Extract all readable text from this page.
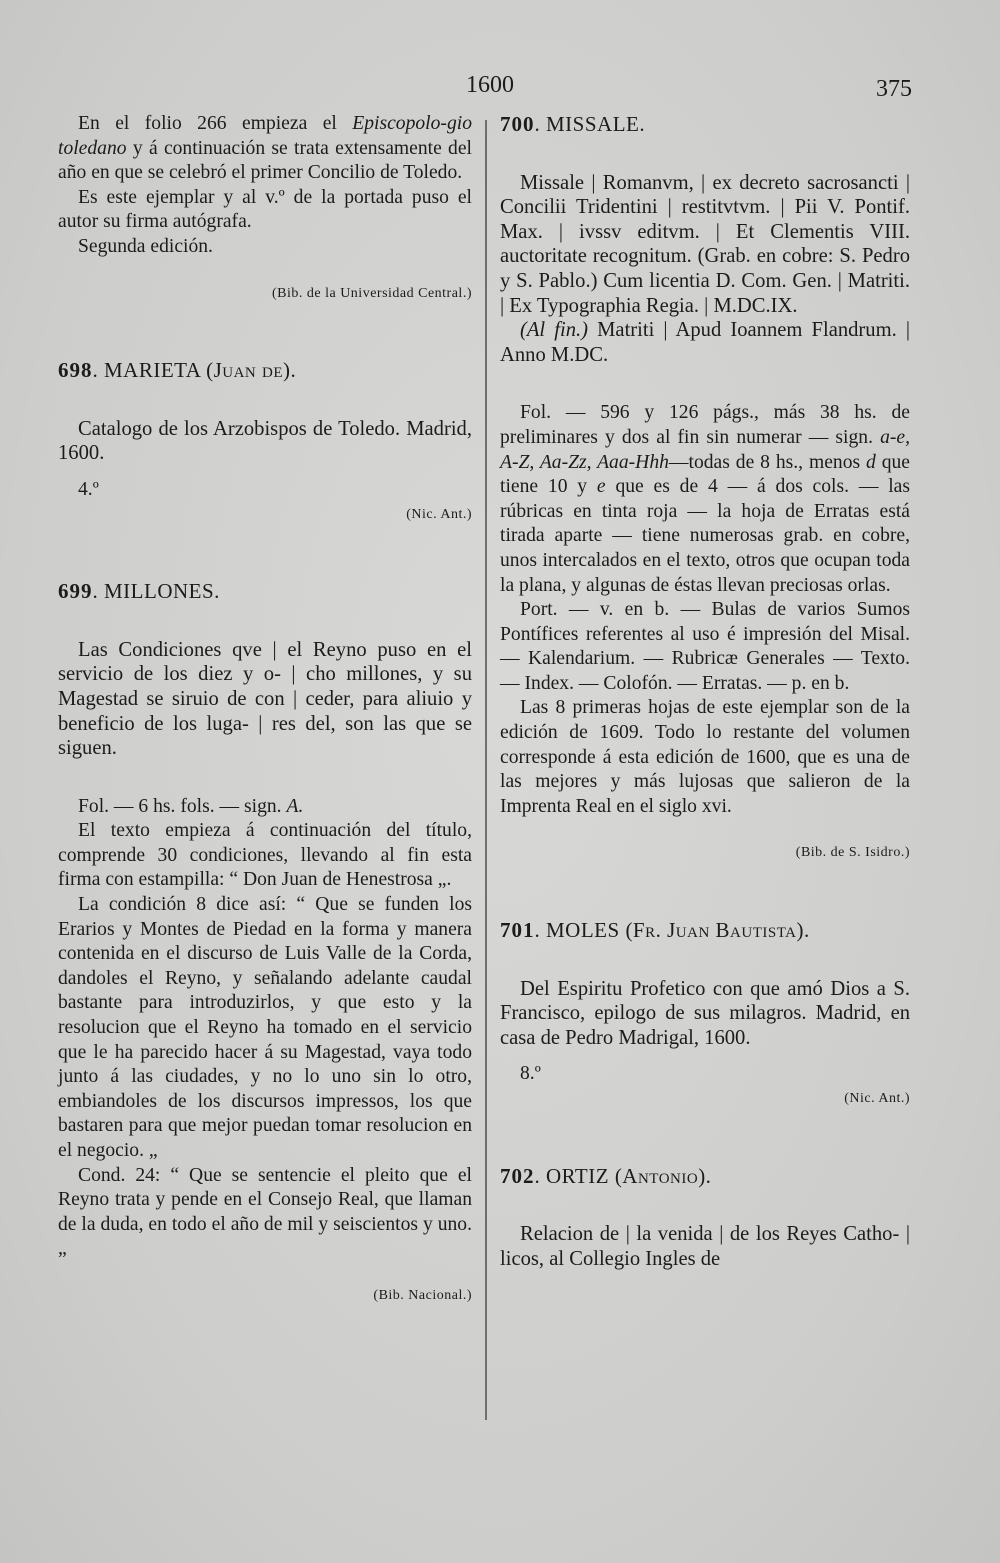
1600	375

En el folio 266 empieza el Episcopolo-gio toledano y á continuación se trata extensamente del año en que se celebró el primer Concilio de Toledo.

Es este ejemplar y al v.º de la portada puso el autor su firma autógrafa.

Segunda edición.

(Bib. de la Universidad Central.)

698. MARIETA (Juan de).

Catalogo de los Arzobispos de Toledo. Madrid, 1600.

4.º

(Nic. Ant.)

699. MILLONES.

Las Condiciones qve | el Reyno puso en el servicio de los diez y o- | cho millones, y su Magestad se siruio de con | ceder, para aliuio y beneficio de los luga- | res del, son las que se siguen.

Fol. — 6 hs. fols. — sign. A.

El texto empieza á continuación del título, comprende 30 condiciones, llevando al fin esta firma con estampilla: “ Don Juan de Henestrosa „.

La condición 8 dice así: “ Que se funden los Erarios y Montes de Piedad en la forma y manera contenida en el discurso de Luis Valle de la Corda, dandoles el Reyno, y señalando adelante caudal bastante para introduzirlos, y que esto y la resolucion que el Reyno ha tomado en el servicio que le ha parecido hacer á su Magestad, vaya todo junto á las ciudades, y no lo uno sin lo otro, embiandoles de los discursos impressos, los que bastaren para que mejor puedan tomar resolucion en el negocio. „

Cond. 24: “ Que se sentencie el pleito que el Reyno trata y pende en el Consejo Real, que llaman de la duda, en todo el año de mil y seiscientos y uno. „

(Bib. Nacional.)

700. MISSALE.

Missale | Romanvm, | ex decreto sacrosancti | Concilii Tridentini | restitvtvm. | Pii V. Pontif. Max. | ivssv editvm. | Et Clementis VIII. auctoritate recognitum. (Grab. en cobre: S. Pedro y S. Pablo.) Cum licentia D. Com. Gen. | Matriti. | Ex Typographia Regia. | M.DC.IX.

(Al fin.) Matriti | Apud Ioannem Flandrum. | Anno M.DC.

Fol. — 596 y 126 págs., más 38 hs. de preliminares y dos al fin sin numerar — sign. a-e, A-Z, Aa-Zz, Aaa-Hhh—todas de 8 hs., menos d que tiene 10 y e que es de 4 — á dos cols. — las rúbricas en tinta roja — la hoja de Erratas está tirada aparte — tiene numerosas grab. en cobre, unos intercalados en el texto, otros que ocupan toda la plana, y algunas de éstas llevan preciosas orlas.

Port. — v. en b. — Bulas de varios Sumos Pontífices referentes al uso é impresión del Misal. — Kalendarium. — Rubricæ Generales — Texto. — Index. — Colofón. — Erratas. — p. en b.

Las 8 primeras hojas de este ejemplar son de la edición de 1609. Todo lo restante del volumen corresponde á esta edición de 1600, que es una de las mejores y más lujosas que salieron de la Imprenta Real en el siglo xvi.

(Bib. de S. Isidro.)

701. MOLES (Fr. Juan Bautista).

Del Espiritu Profetico con que amó Dios a S. Francisco, epilogo de sus milagros. Madrid, en casa de Pedro Madrigal, 1600.

8.º

(Nic. Ant.)

702. ORTIZ (Antonio).

Relacion de | la venida | de los Reyes Catho- | licos, al Collegio Ingles de
